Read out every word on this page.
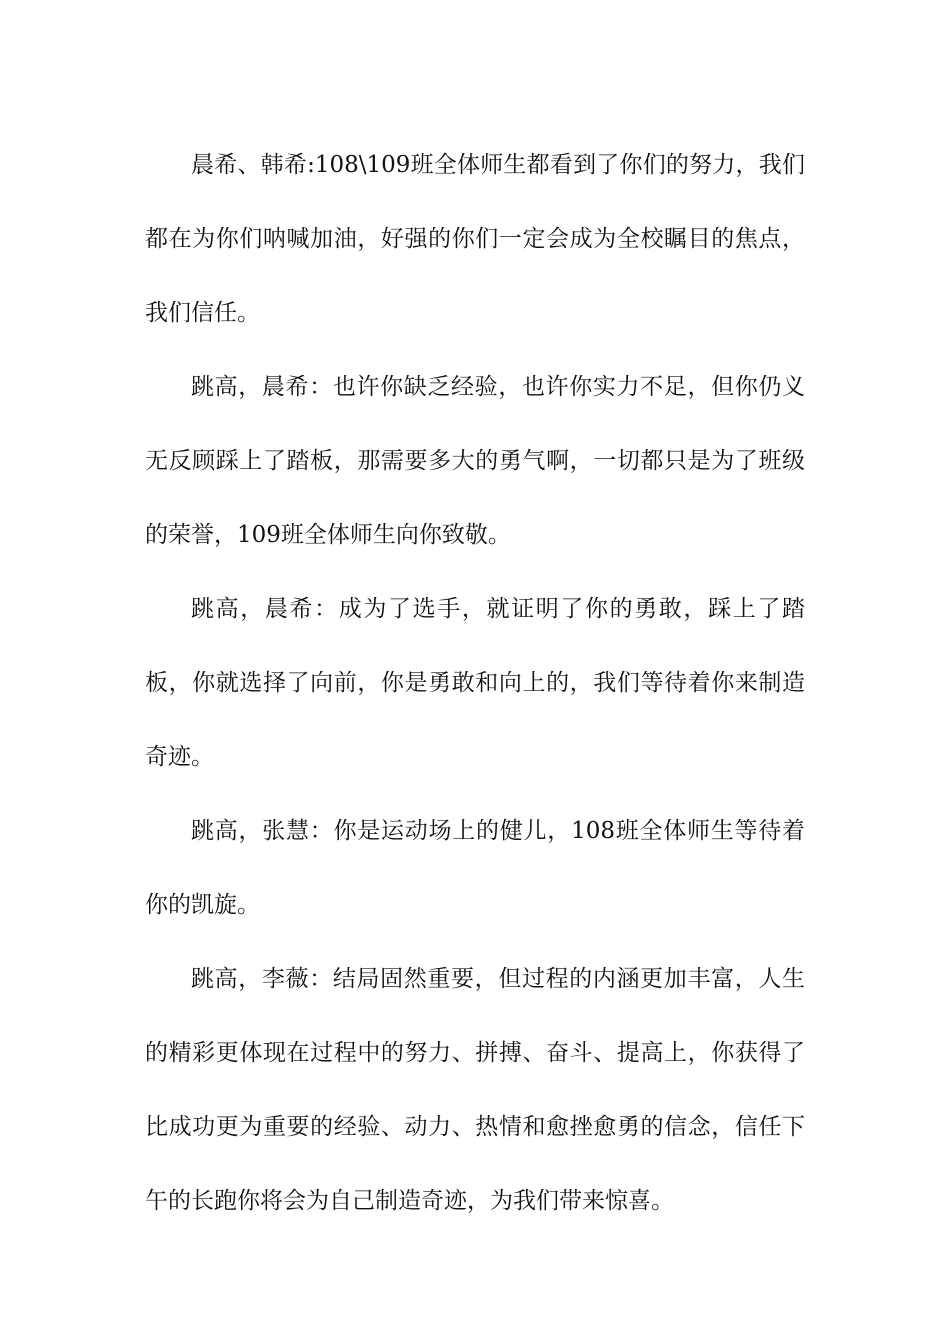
晨希、韩希:108\109班全体师生都看到了你们的努力，我们都在为你们呐喊加油，好强的你们一定会成为全校瞩目的焦点，我们信任。

跳高，晨希：也许你缺乏经验，也许你实力不足，但你仍义无反顾踩上了踏板，那需要多大的勇气啊，一切都只是为了班级的荣誉，109班全体师生向你致敬。

跳高，晨希：成为了选手，就证明了你的勇敢，踩上了踏板，你就选择了向前，你是勇敢和向上的，我们等待着你来制造奇迹。

跳高，张慧：你是运动场上的健儿，108班全体师生等待着你的凯旋。

跳高，李薇：结局固然重要，但过程的内涵更加丰富，人生的精彩更体现在过程中的努力、拼搏、奋斗、提高上，你获得了比成功更为重要的经验、动力、热情和愈挫愈勇的信念，信任下午的长跑你将会为自己制造奇迹，为我们带来惊喜。
